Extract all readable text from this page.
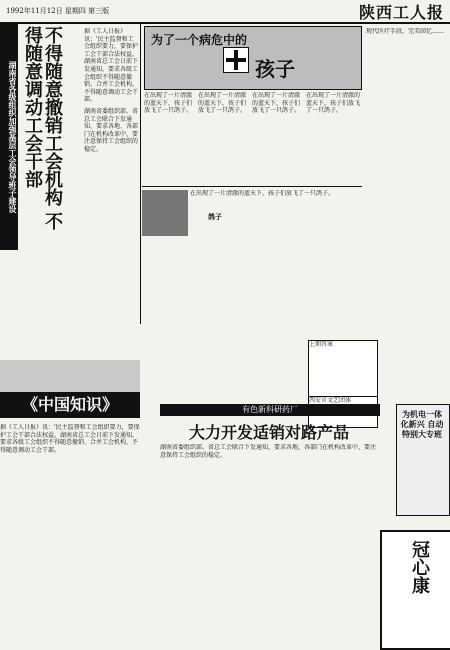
1992年11月12日 星期四 第三版	陕西工人报
湖南省各级组织加强基层工会领导班子建设	不得随意撤销工会机构 不得随意调动工会干部	据《工人日报》讯：'民主监督和工会组织要力，要保护工会干部合法权益。湖南省总工会日前下发通知，要求各级工会组织不得随意撤销、合并工会机构，不得随意调动工会干部。
湖南省委组织部、省总工会联合下发通知，要求各地、各部门在机构改革中，要注意保持工会组织的稳定。
为了一个病危中的
孩子
在出现了一片清澈的蓝天下，孩子们放飞了一只鸽子。
在出现了一片清澈的蓝天下，孩子们放飞了一只鸽子。
在出现了一片清澈的蓝天下，孩子们放飞了一只鸽子。
在出现了一片清澈的蓝天下，孩子们放飞了一只鸽子。
现代医疗手段，完美回忆……
在出现了一片清澈的蓝天下，孩子们放飞了一只鸽子。
鸽子
《中国知识》
据《工人日报》讯：'民主监督和工会组织要力，要保护工会干部合法权益。湖南省总工会日前下发通知，要求各级工会组织不得随意撤销、合并工会机构，不得随意调动工会干部。
上期答案
西安市文艺团体
有色新科研药厂
大力开发适销对路产品
湖南省委组织部、省总工会联合下发通知，要求各地、各部门在机构改革中，要注意保持工会组织的稳定。
为机电一体化新兴 自动特别大专班
冠心康
